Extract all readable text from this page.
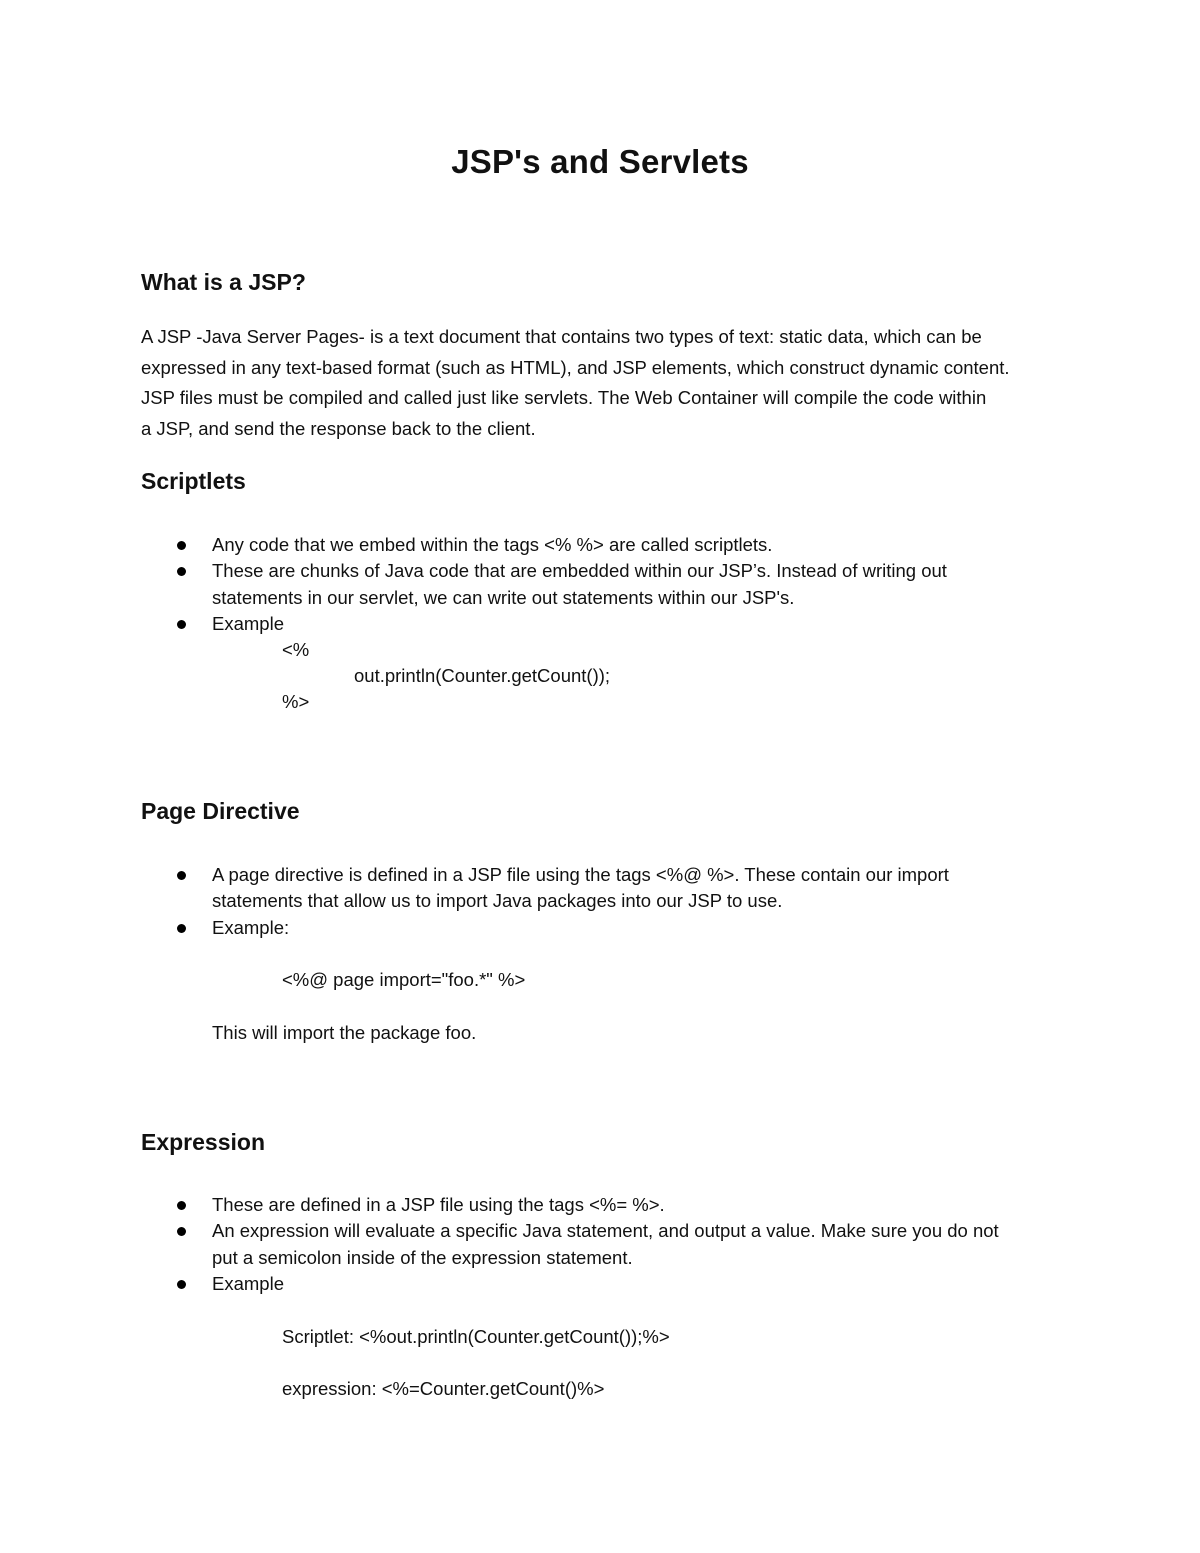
JSP's and Servlets
What is a JSP?
A JSP -Java Server Pages- is a text document that contains two types of text: static data, which can be
expressed in any text-based format (such as HTML), and JSP elements, which construct dynamic content.
JSP files must be compiled and called just like servlets. The Web Container will compile the code within
a JSP, and send the response back to the client.
Scriptlets
Any code that we embed within the tags <% %> are called scriptlets.
These are chunks of Java code that are embedded within our JSP’s. Instead of writing out
statements in our servlet, we can write out statements within our JSP's.
Example
<%
out.println(Counter.getCount());
%>
Page Directive
A page directive is defined in a JSP file using the tags <%@ %>. These contain our import
statements that allow us to import Java packages into our JSP to use.
Example:
<%@ page import="foo.*" %>
This will import the package foo.
Expression
These are defined in a JSP file using the tags <%= %>.
An expression will evaluate a specific Java statement, and output a value. Make sure you do not
put a semicolon inside of the expression statement.
Example
Scriptlet: <%out.println(Counter.getCount());%>
expression: <%=Counter.getCount()%>
